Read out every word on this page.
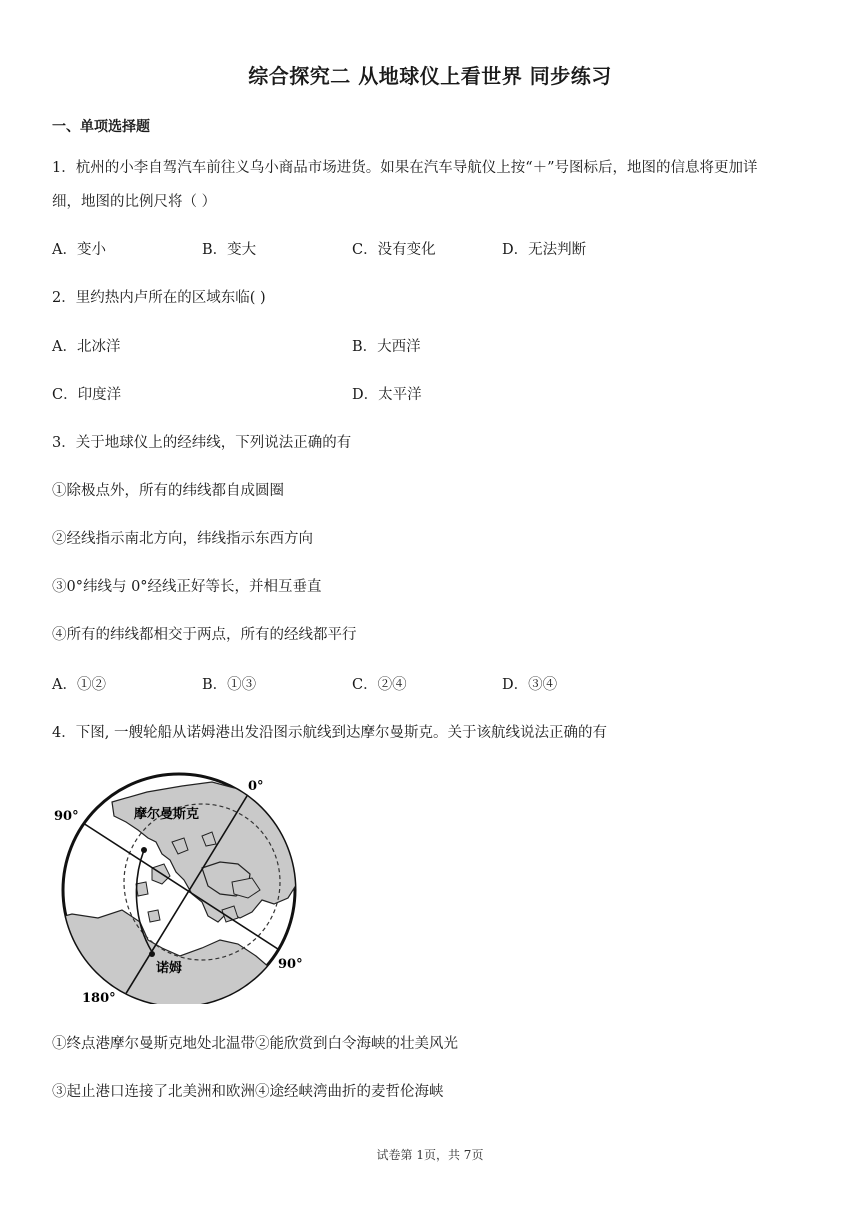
综合探究二 从地球仪上看世界 同步练习
一、单项选择题
1．杭州的小李自驾汽车前往义乌小商品市场进货。如果在汽车导航仪上按“＋”号图标后，地图的信息将更加详
细，地图的比例尺将（ ）
A．变小	B．变大	C．没有变化	D．无法判断
2．里约热内卢所在的区域东临( )
A．北冰洋	B．大西洋
C．印度洋	D．太平洋
3．关于地球仪上的经纬线，下列说法正确的有
①除极点外，所有的纬线都自成圆圈
②经线指示南北方向，纬线指示东西方向
③0°纬线与 0°经线正好等长，并相互垂直
④所有的纬线都相交于两点，所有的经线都平行
A．①②	B．①③	C．②④	D．③④
4．下图, 一艘轮船从诺姆港出发沿图示航线到达摩尔曼斯克。关于该航线说法正确的有
0°
90°
90°
180°
摩尔曼斯克
诺姆
①终点港摩尔曼斯克地处北温带②能欣赏到白令海峡的壮美风光
③起止港口连接了北美洲和欧洲④途经峡湾曲折的麦哲伦海峡
试卷第 1页，共 7页
